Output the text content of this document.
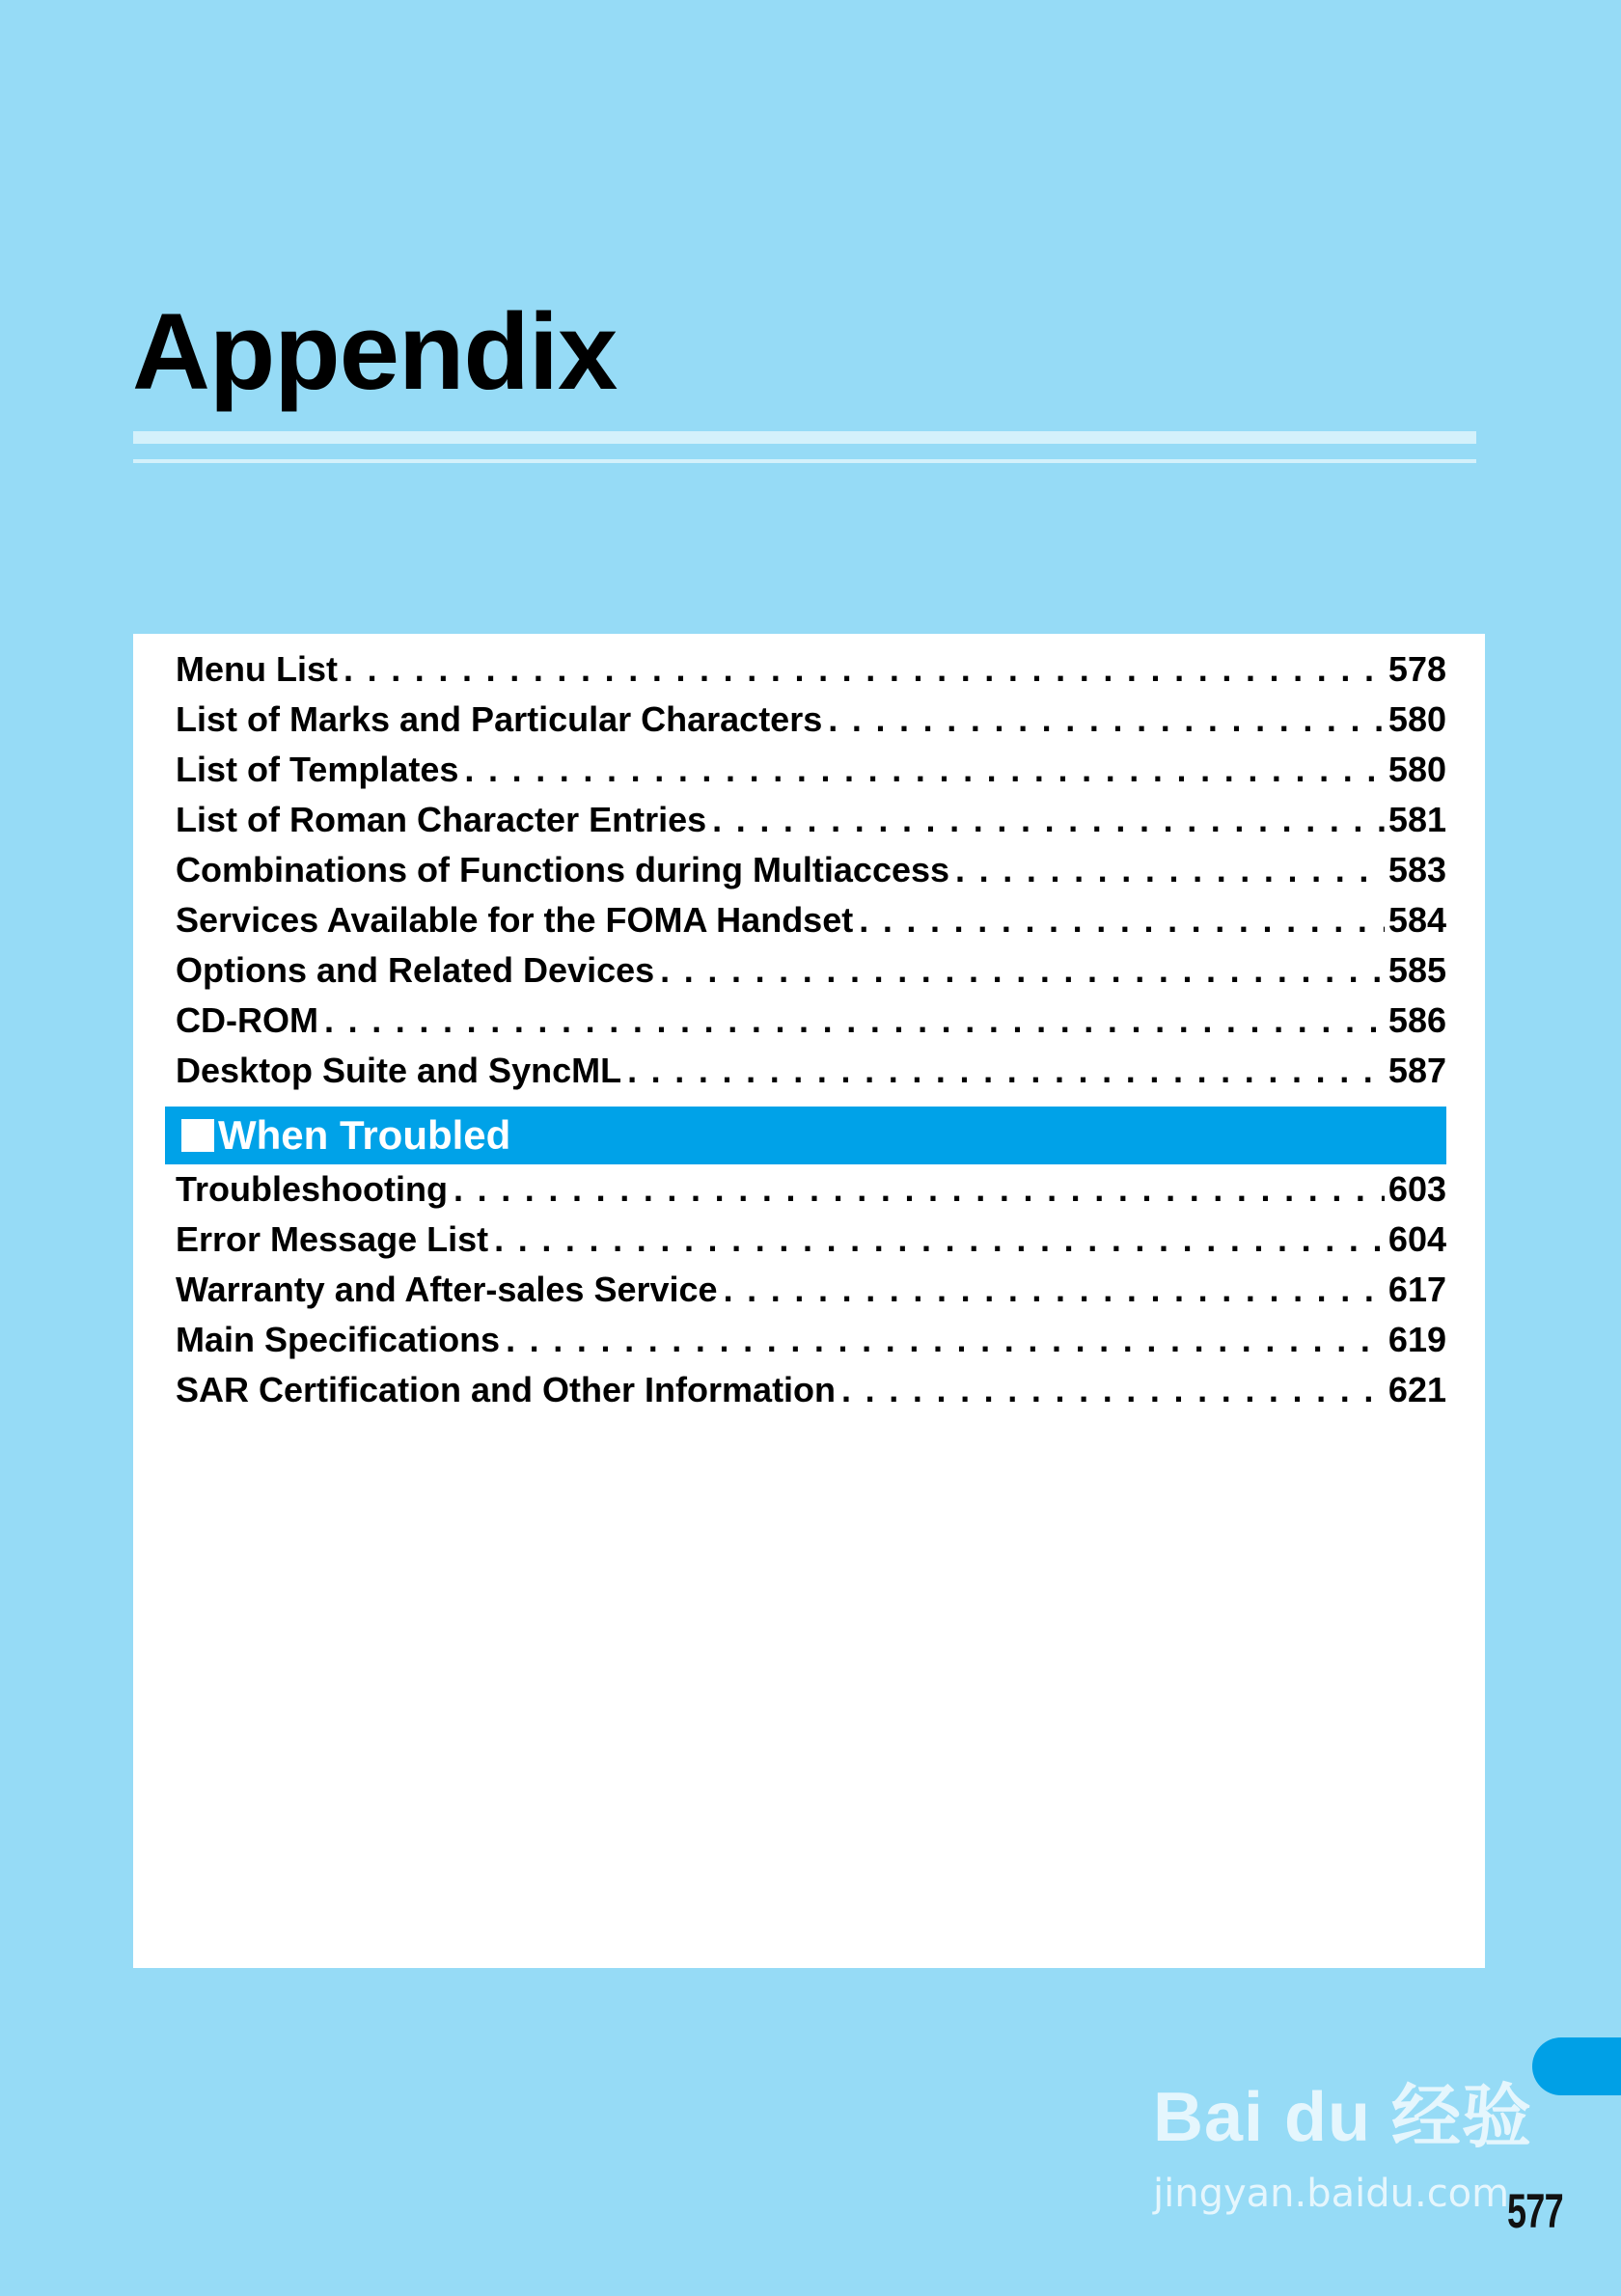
Appendix
Menu List . . .	578
List of Marks and Particular Characters . . .	580
List of Templates . . .	580
List of Roman Character Entries . . .	581
Combinations of Functions during Multiaccess . . .	583
Services Available for the FOMA Handset . . .	584
Options and Related Devices . . .	585
CD-ROM . . .	586
Desktop Suite and SyncML . . .	587
When Troubled
Troubleshooting . . .	603
Error Message List . . .	604
Warranty and After-sales Service . . .	617
Main Specifications . . .	619
SAR Certification and Other Information . . .	621
Bai du 经验
jingyan.baidu.com
577
